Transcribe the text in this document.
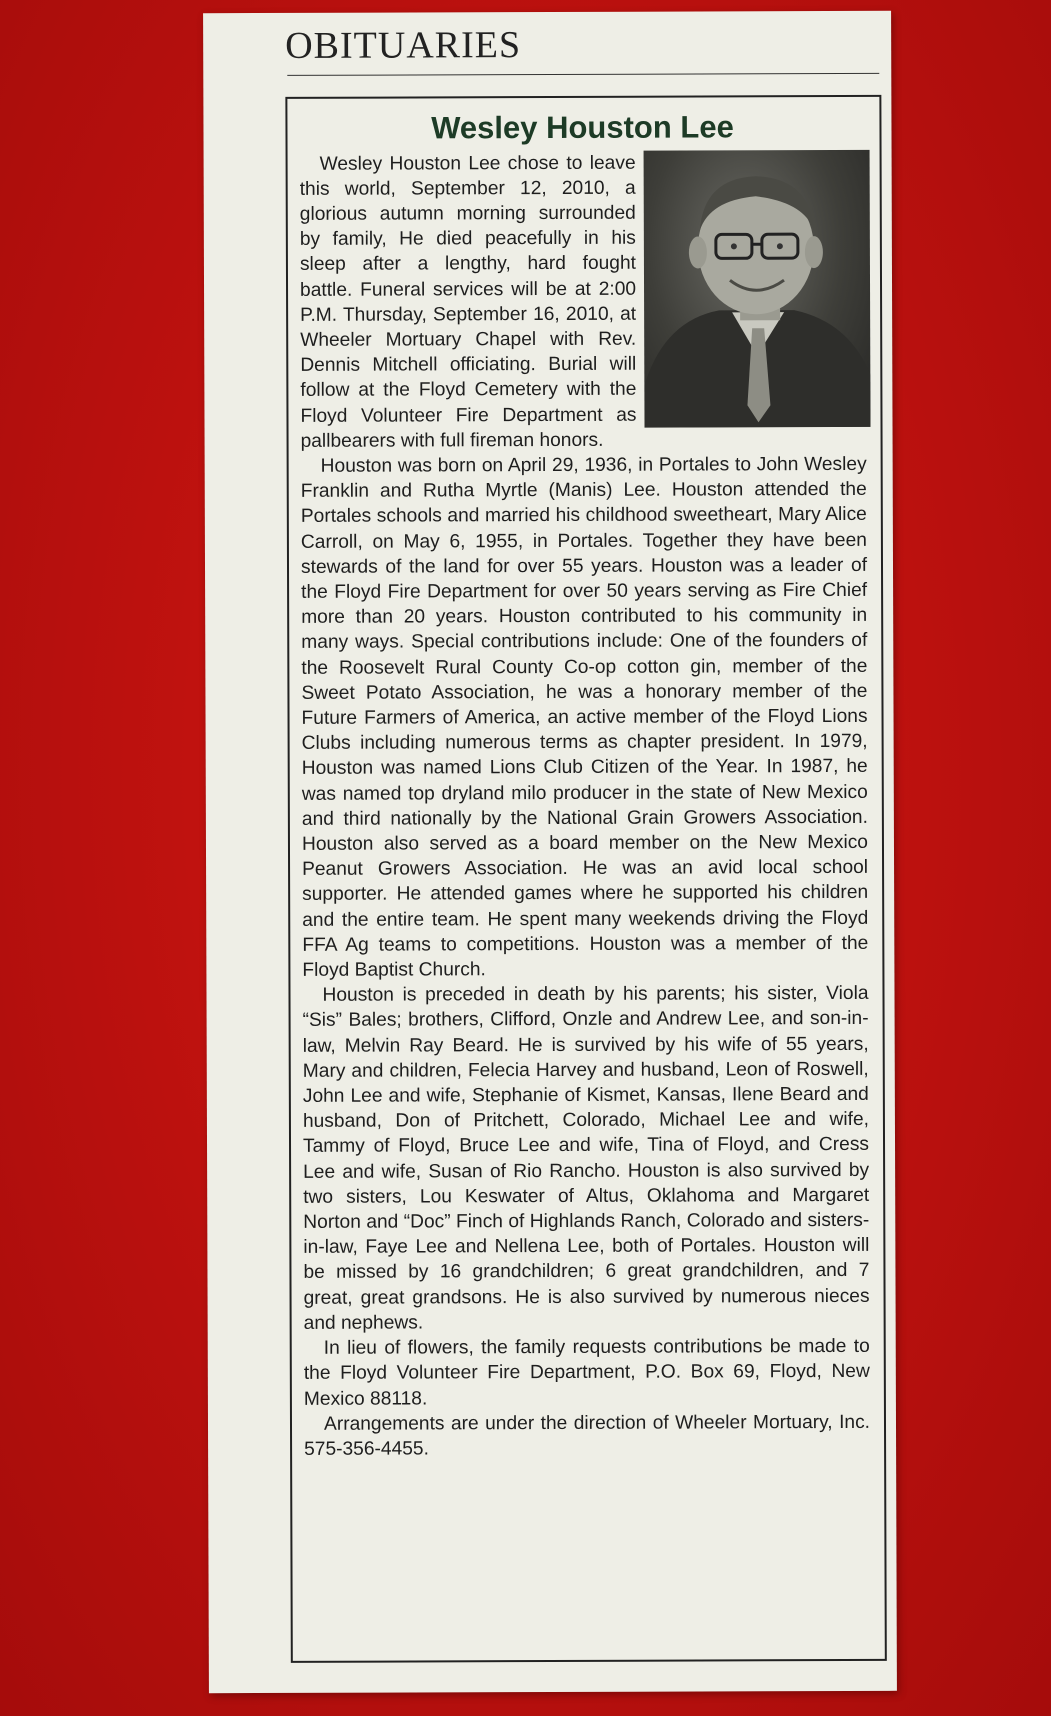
OBITUARIES
Wesley Houston Lee

Wesley Houston Lee chose to leave this world, September 12, 2010, a glorious autumn morning surrounded by family, He died peacefully in his sleep after a lengthy, hard fought battle. Funeral services will be at 2:00 P.M. Thursday, September 16, 2010, at Wheeler Mortuary Chapel with Rev. Dennis Mitchell officiating. Burial will follow at the Floyd Cemetery with the Floyd Volunteer Fire Department as pallbearers with full fireman honors.

Houston was born on April 29, 1936, in Portales to John Wesley Franklin and Rutha Myrtle (Manis) Lee. Houston attended the Portales schools and married his childhood sweetheart, Mary Alice Carroll, on May 6, 1955, in Portales. Together they have been stewards of the land for over 55 years. Houston was a leader of the Floyd Fire Department for over 50 years serving as Fire Chief more than 20 years. Houston contributed to his community in many ways. Special contributions include: One of the founders of the Roosevelt Rural County Co-op cotton gin, member of the Sweet Potato Association, he was a honorary member of the Future Farmers of America, an active member of the Floyd Lions Clubs including numerous terms as chapter president. In 1979, Houston was named Lions Club Citizen of the Year. In 1987, he was named top dryland milo producer in the state of New Mexico and third nationally by the National Grain Growers Association. Houston also served as a board member on the New Mexico Peanut Growers Association. He was an avid local school supporter. He attended games where he supported his children and the entire team. He spent many weekends driving the Floyd FFA Ag teams to competitions. Houston was a member of the Floyd Baptist Church.

Houston is preceded in death by his parents; his sister, Viola “Sis” Bales; brothers, Clifford, Onzle and Andrew Lee, and son-in-law, Melvin Ray Beard. He is survived by his wife of 55 years, Mary and children, Felecia Harvey and husband, Leon of Roswell, John Lee and wife, Stephanie of Kismet, Kansas, Ilene Beard and husband, Don of Pritchett, Colorado, Michael Lee and wife, Tammy of Floyd, Bruce Lee and wife, Tina of Floyd, and Cress Lee and wife, Susan of Rio Rancho. Houston is also survived by two sisters, Lou Keswater of Altus, Oklahoma and Margaret Norton and “Doc” Finch of Highlands Ranch, Colorado and sisters-in-law, Faye Lee and Nellena Lee, both of Portales. Houston will be missed by 16 grandchildren; 6 great grandchildren, and 7 great, great grandsons. He is also survived by numerous nieces and nephews.

In lieu of flowers, the family requests contributions be made to the Floyd Volunteer Fire Department, P.O. Box 69, Floyd, New Mexico 88118.

Arrangements are under the direction of Wheeler Mortuary, Inc. 575-356-4455.
